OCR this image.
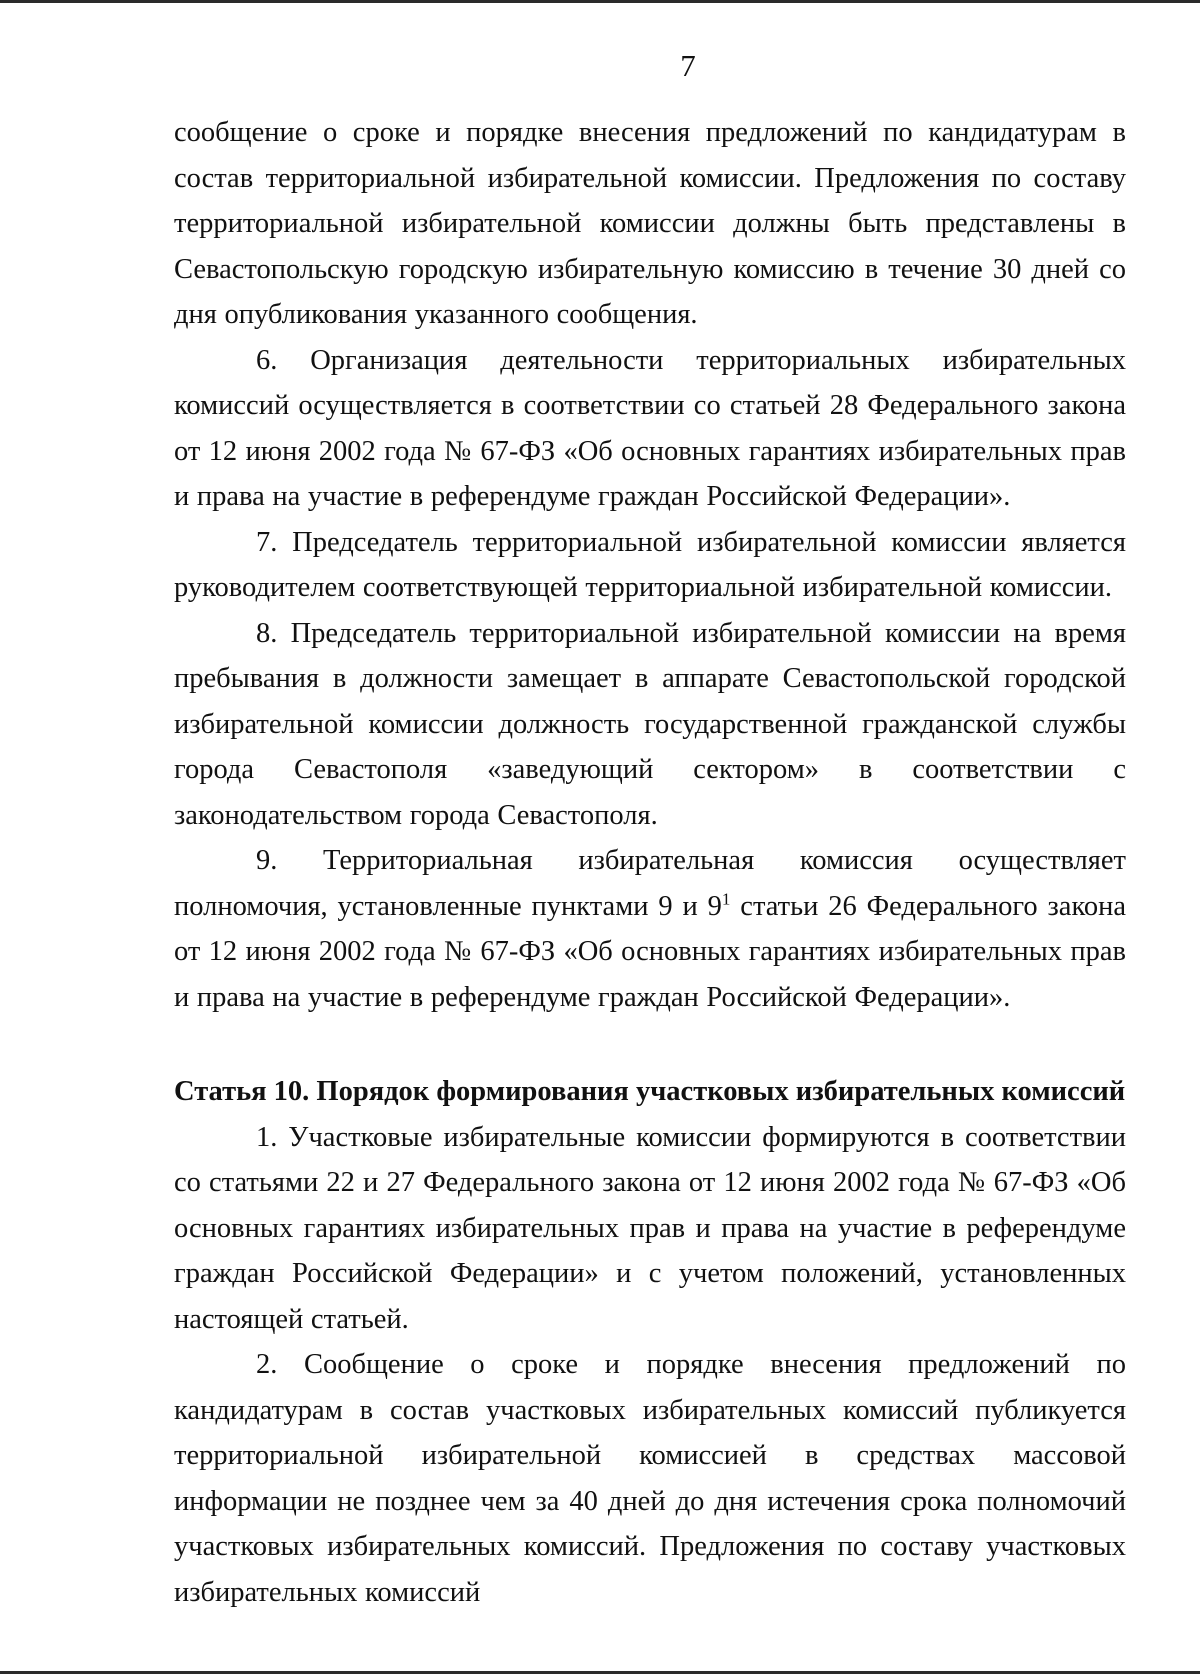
7

сообщение о сроке и порядке внесения предложений по кандидатурам в состав территориальной избирательной комиссии. Предложения по составу территориальной избирательной комиссии должны быть представлены в Севастопольскую городскую избирательную комиссию в течение 30 дней со дня опубликования указанного сообщения.

6. Организация деятельности территориальных избирательных комиссий осуществляется в соответствии со статьей 28 Федерального закона от 12 июня 2002 года № 67-ФЗ «Об основных гарантиях избирательных прав и права на участие в референдуме граждан Российской Федерации».

7. Председатель территориальной избирательной комиссии является руководителем соответствующей территориальной избирательной комиссии.

8. Председатель территориальной избирательной комиссии на время пребывания в должности замещает в аппарате Севастопольской городской избирательной комиссии должность государственной гражданской службы города Севастополя «заведующий сектором» в соответствии с законодательством города Севастополя.

9. Территориальная избирательная комиссия осуществляет полномочия, установленные пунктами 9 и $9^1$ статьи 26 Федерального закона от 12 июня 2002 года № 67-ФЗ «Об основных гарантиях избирательных прав и права на участие в референдуме граждан Российской Федерации».

Статья 10. Порядок формирования участковых избирательных комиссий

1. Участковые избирательные комиссии формируются в соответствии со статьями 22 и 27 Федерального закона от 12 июня 2002 года № 67-ФЗ «Об основных гарантиях избирательных прав и права на участие в референдуме граждан Российской Федерации» и с учетом положений, установленных настоящей статьей.

2. Сообщение о сроке и порядке внесения предложений по кандидатурам в состав участковых избирательных комиссий публикуется территориальной избирательной комиссией в средствах массовой информации не позднее чем за 40 дней до дня истечения срока полномочий участковых избирательных комиссий. Предложения по составу участковых избирательных комиссий
